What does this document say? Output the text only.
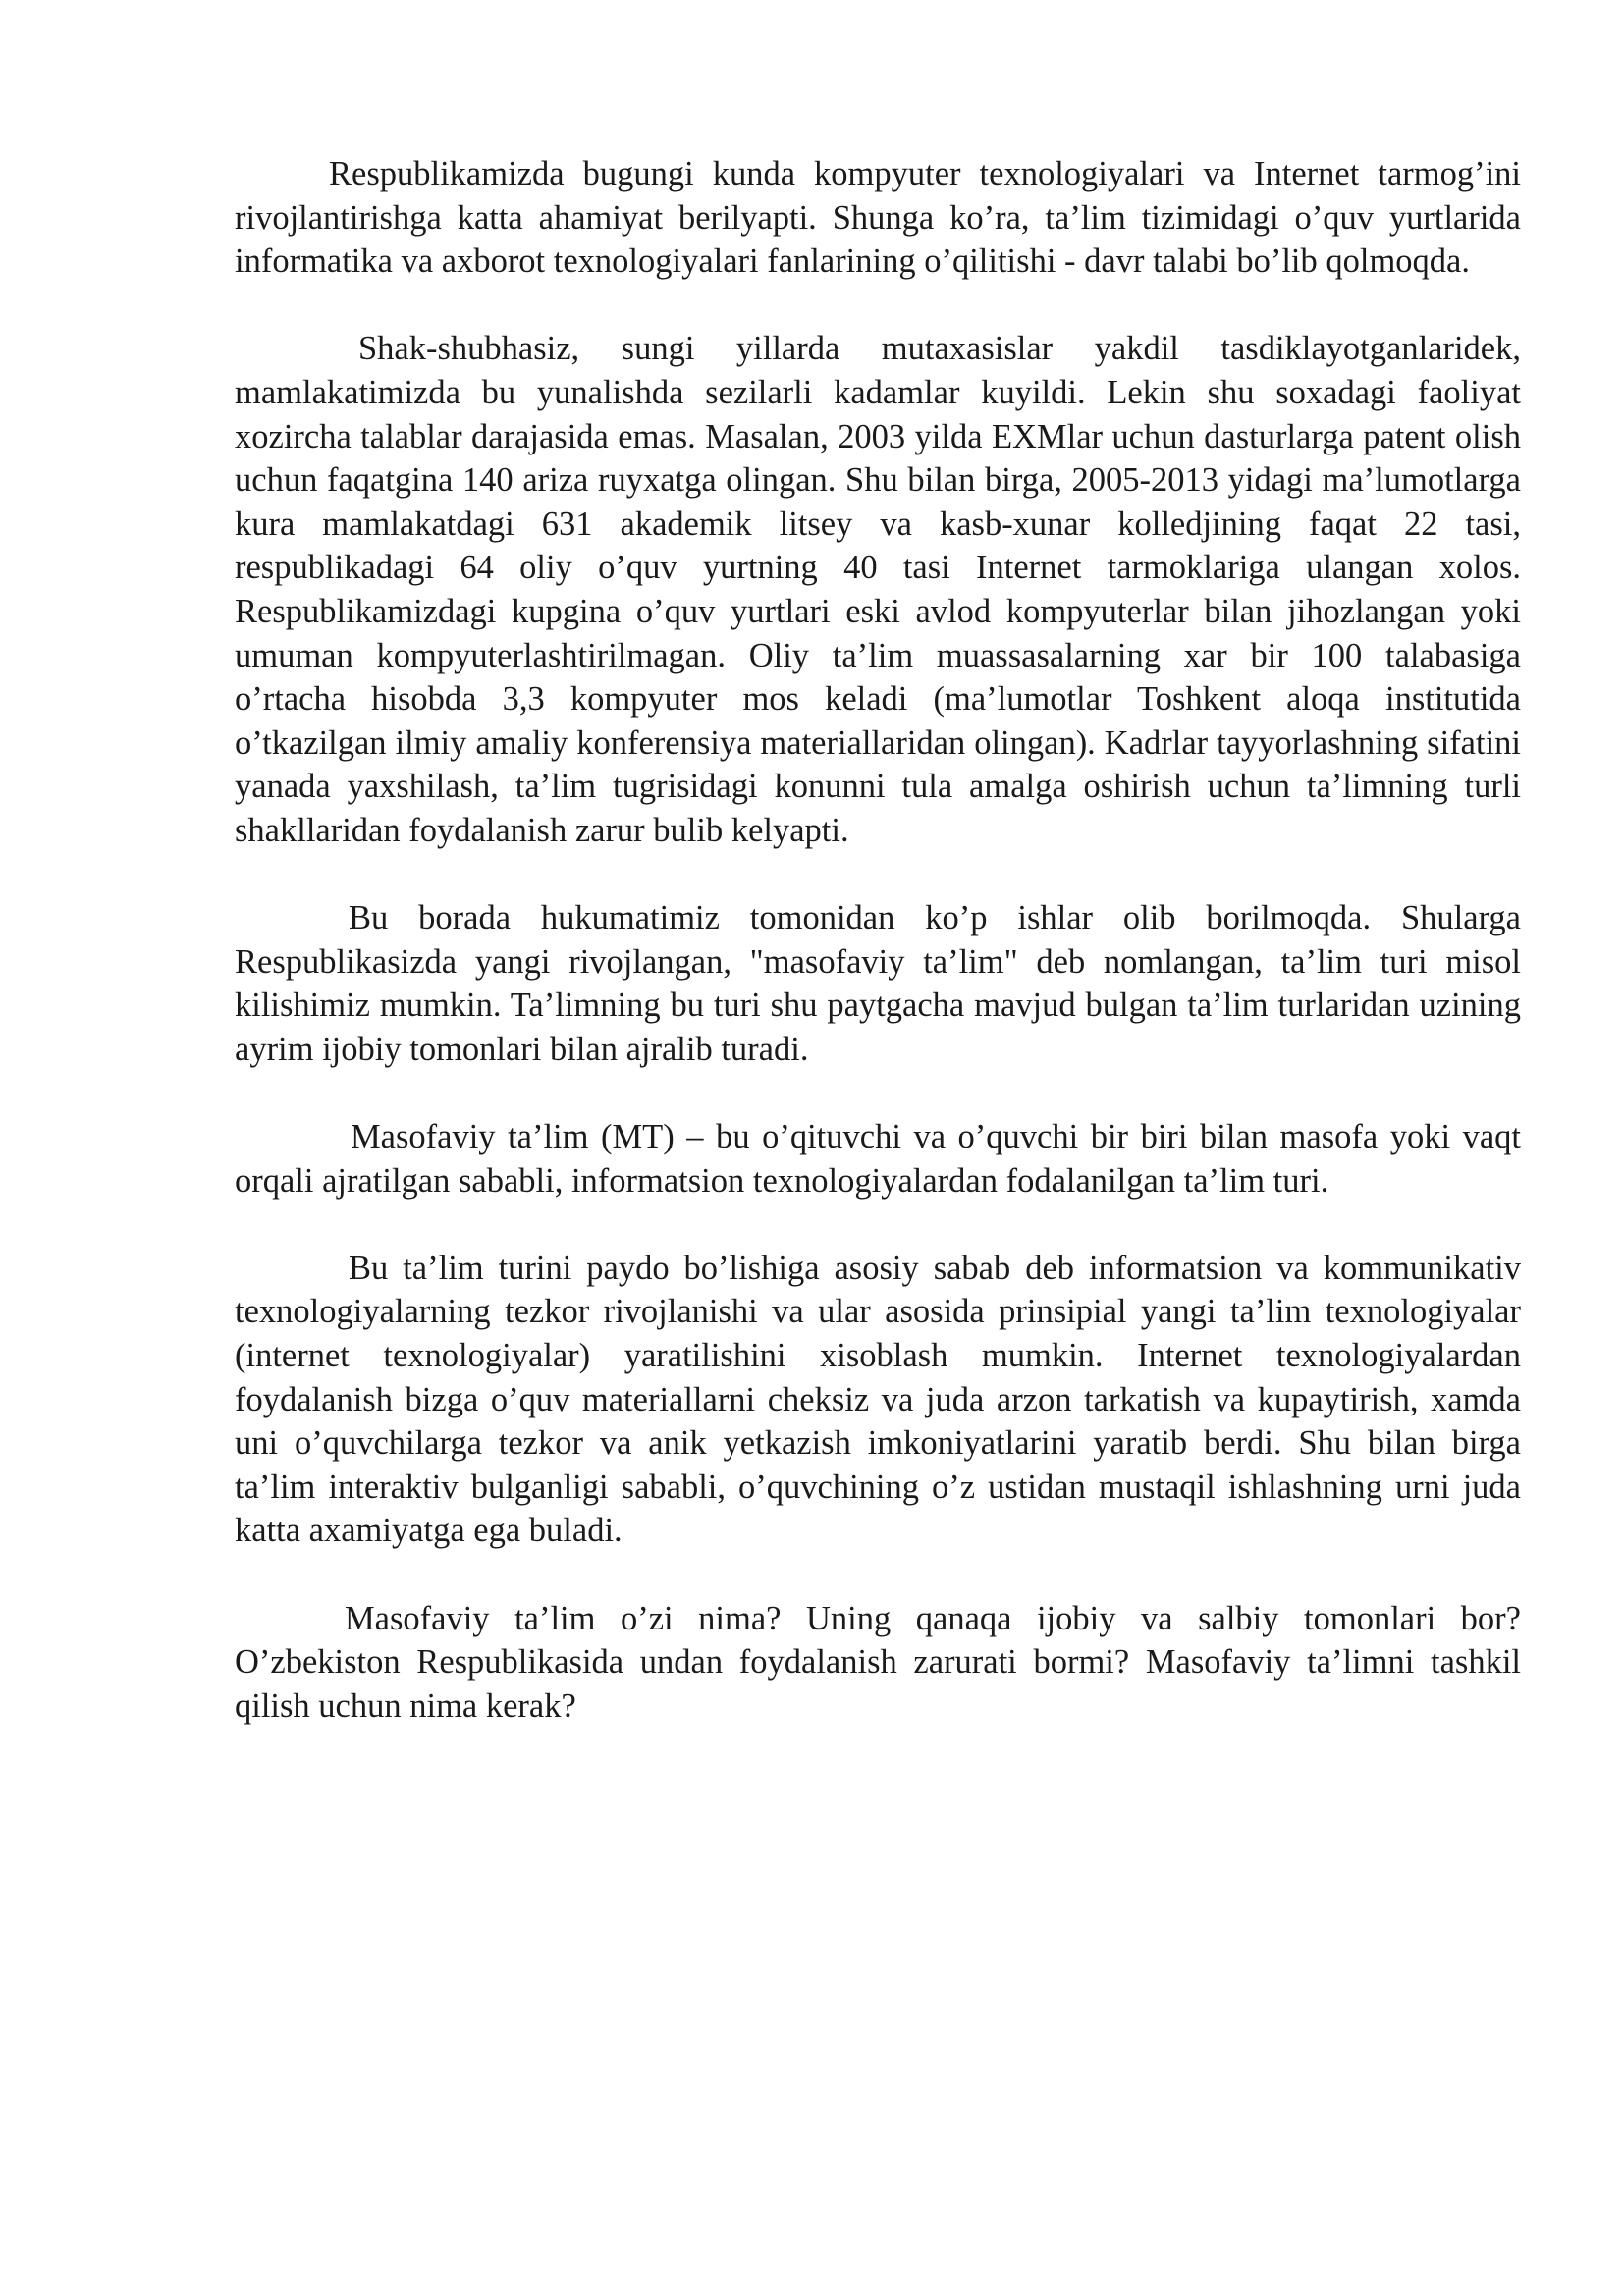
Respublikamizda bugungi kunda kompyuter texnologiyalari va Internet tarmog’ini rivojlantirishga katta ahamiyat berilyapti. Shunga ko’ra, ta’lim tizimidagi o’quv yurtlarida informatika va axborot texnologiyalari fanlarining o’qilitishi - davr talabi bo’lib qolmoqda.

Shak-shubhasiz, sungi yillarda mutaxasislar yakdil tasdiklayotganlaridek, mamlakatimizda bu yunalishda sezilarli kadamlar kuyildi. Lekin shu soxadagi faoliyat xozircha talablar darajasida emas. Masalan, 2003 yilda EXMlar uchun dasturlarga patent olish uchun faqatgina 140 ariza ruyxatga olingan. Shu bilan birga, 2005-2013 yidagi ma’lumotlarga kura mamlakatdagi 631 akademik litsey va kasb-xunar kolledjining faqat 22 tasi, respublikadagi 64 oliy o’quv yurtning 40 tasi Internet tarmoklariga ulangan xolos. Respublikamizdagi kupgina o’quv yurtlari eski avlod kompyuterlar bilan jihozlangan yoki umuman kompyuterlashtirilmagan. Oliy ta’lim muassasalarning xar bir 100 talabasiga o’rtacha hisobda 3,3 kompyuter mos keladi (ma’lumotlar Toshkent aloqa institutida o’tkazilgan ilmiy amaliy konferensiya materiallaridan olingan). Kadrlar tayyorlashning sifatini yanada yaxshilash, ta’lim tugrisidagi konunni tula amalga oshirish uchun ta’limning turli shakllaridan foydalanish zarur bulib kelyapti.

Bu borada hukumatimiz tomonidan ko’p ishlar olib borilmoqda. Shularga Respublikasizda yangi rivojlangan, "masofaviy ta’lim" deb nomlangan, ta’lim turi misol kilishimiz mumkin. Ta’limning bu turi shu paytgacha mavjud bulgan ta’lim turlaridan uzining ayrim ijobiy tomonlari bilan ajralib turadi.

Masofaviy ta’lim (MT) – bu o’qituvchi va o’quvchi bir biri bilan masofa yoki vaqt orqali ajratilgan sababli, informatsion texnologiyalardan fodalanilgan ta’lim turi.

Bu ta’lim turini paydo bo’lishiga asosiy sabab deb informatsion va kommunikativ texnologiyalarning tezkor rivojlanishi va ular asosida prinsipial yangi ta’lim texnologiyalar (internet texnologiyalar) yaratilishini xisoblash mumkin. Internet texnologiyalardan foydalanish bizga o’quv materiallarni cheksiz va juda arzon tarkatish va kupaytirish, xamda uni o’quvchilarga tezkor va anik yetkazish imkoniyatlarini yaratib berdi. Shu bilan birga ta’lim interaktiv bulganligi sababli, o’quvchining o’z ustidan mustaqil ishlashning urni juda katta axamiyatga ega buladi.

Masofaviy ta’lim o’zi nima? Uning qanaqa ijobiy va salbiy tomonlari bor? O’zbekiston Respublikasida undan foydalanish zarurati bormi? Masofaviy ta’limni tashkil qilish uchun nima kerak?
